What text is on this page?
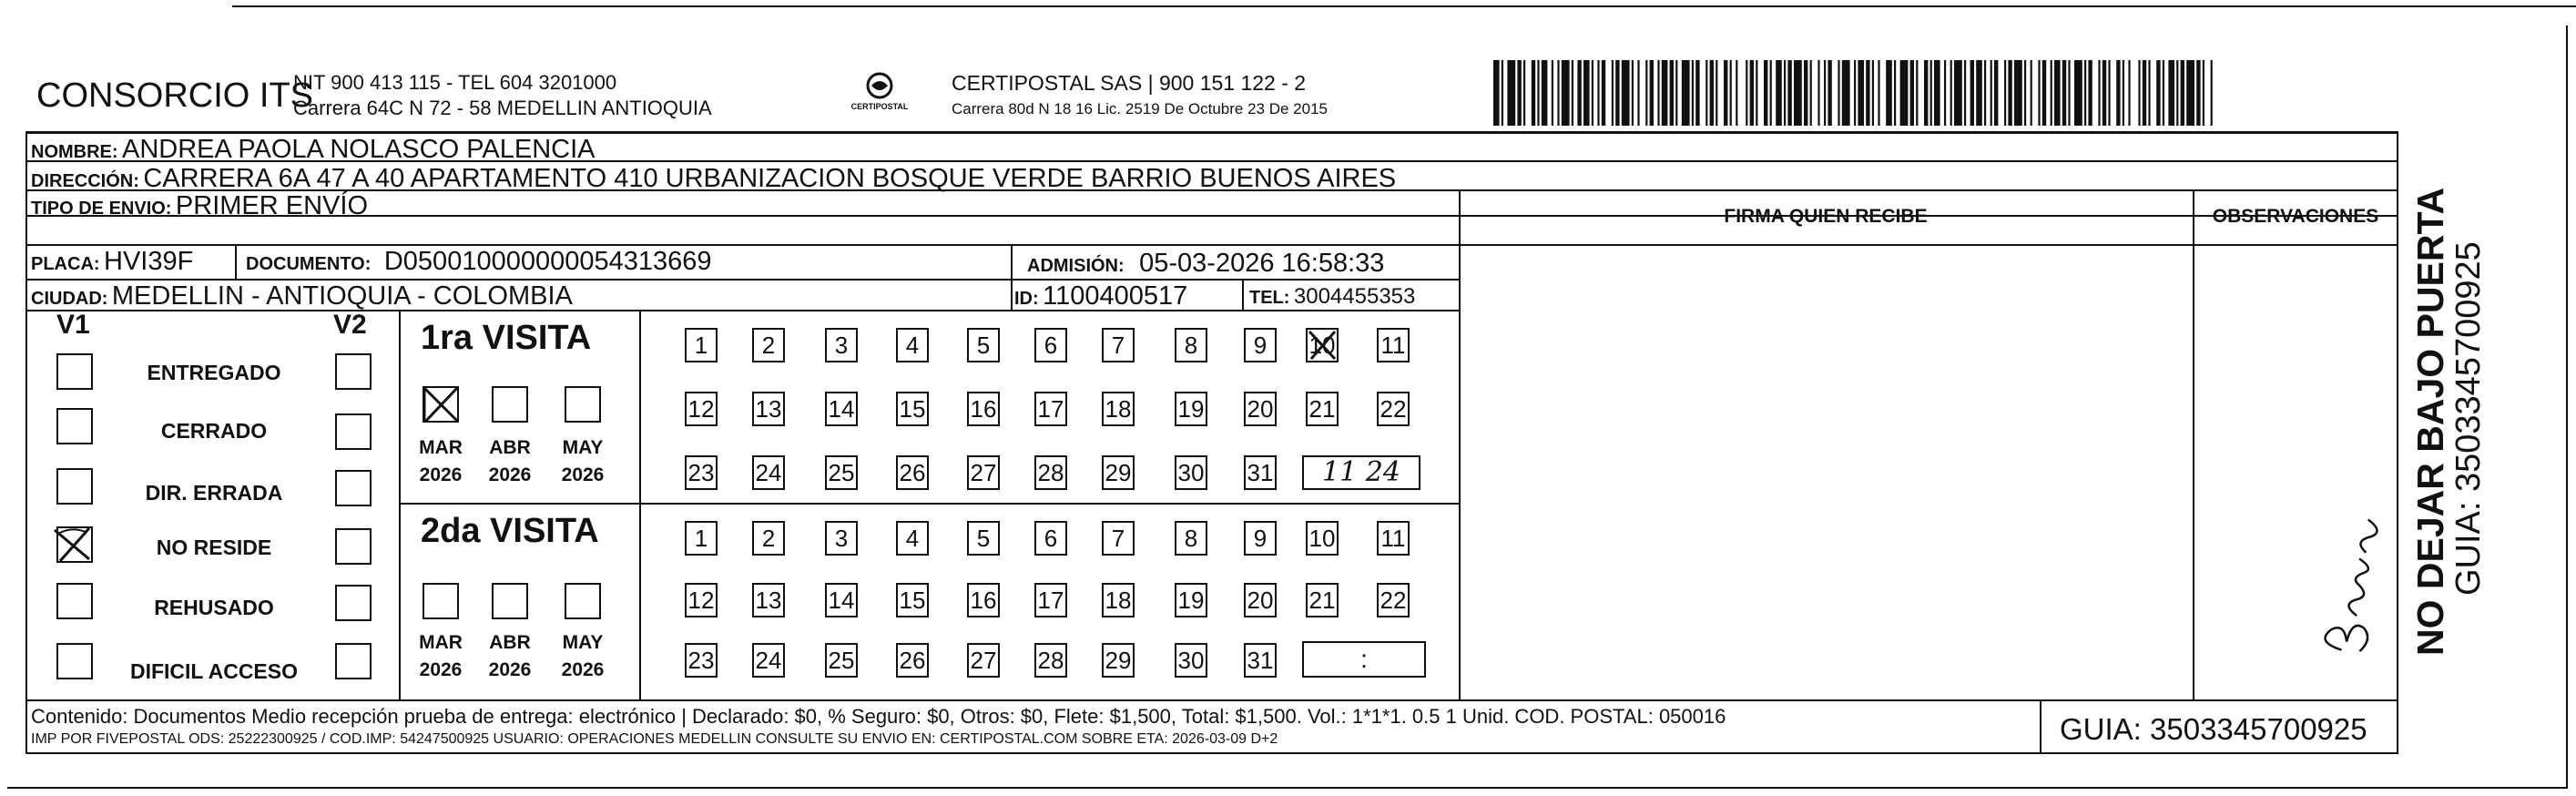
CONSORCIO ITS
NIT 900 413 115 - TEL 604 3201000
Carrera 64C N 72 - 58 MEDELLIN ANTIOQUIA	CERTIPOSTAL
CERTIPOSTAL SAS | 900 151 122 - 2
Carrera 80d N 18 16 Lic. 2519 De Octubre 23 De 2015
NOMBRE: ANDREA PAOLA NOLASCO PALENCIA
DIRECCIÓN: CARRERA 6A 47 A 40 APARTAMENTO 410 URBANIZACION BOSQUE VERDE BARRIO BUENOS AIRES
TIPO DE ENVIO: PRIMER ENVÍO	FIRMA QUIEN RECIBE	OBSERVACIONES
PLACA: HVI39F	DOCUMENTO: D050010000000054313669	ADMISIÓN: 05-03-2026 16:58:33
CIUDAD: MEDELLIN - ANTIOQUIA - COLOMBIA	ID: 1100400517	TEL: 3004455353
V1	V2
ENTREGADO
CERRADO
DIR. ERRADA
NO RESIDE
REHUSADO
DIFICIL ACCESO
1ra VISITA
MAR	ABR	MAY
2026	2026	2026
2da VISITA
MAR	ABR	MAY
2026	2026	2026
1	2	3	4	5	6	7	8	9	10 11
12 13 14 15 16 17 18 19 20 21 22
23 24 25 26 27 28 29 30 31
1	2	3	4	5	6	7	8	9	10 11
12 13 14 15 16 17 18 19 20 21 22
23 24 25 26 27 28 29 30 31
11 24
:
Contenido: Documentos Medio recepción prueba de entrega: electrónico | Declarado: $0, % Seguro: $0, Otros: $0, Flete: $1,500, Total: $1,500. Vol.: 1*1*1. 0.5 1 Unid. COD. POSTAL: 050016
IMP POR FIVEPOSTAL ODS: 25222300925 / COD.IMP: 54247500925 USUARIO: OPERACIONES MEDELLIN CONSULTE SU ENVIO EN: CERTIPOSTAL.COM SOBRE ETA: 2026-03-09 D+2	GUIA: 3503345700925
NO DEJAR BAJO PUERTA
GUIA: 3503345700925
